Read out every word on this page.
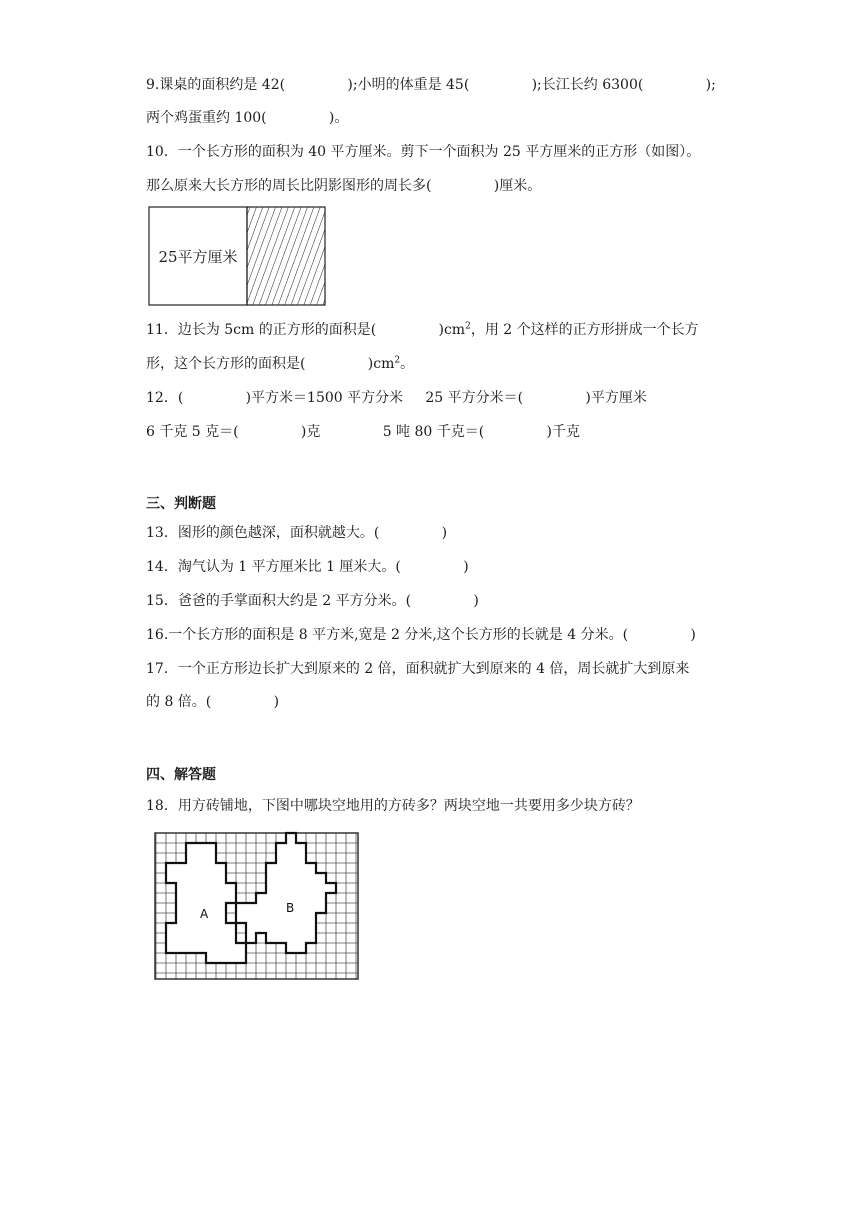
9.课桌的面积约是 42(              );小明的体重是 45(              );长江长约 6300(              );
两个鸡蛋重约 100(              )。
10．一个长方形的面积为 40 平方厘米。剪下一个面积为 25 平方厘米的正方形（如图）。
那么原来大长方形的周长比阴影图形的周长多(              )厘米。
25平方厘米
11．边长为 5cm 的正方形的面积是(              )$cm^2$，用 2 个这样的正方形拼成一个长方
形，这个长方形的面积是(              )$cm^2$。
12．(              )平方米＝1500 平方分米     25 平方分米＝(              )平方厘米
6 千克 5 克＝(              )克              5 吨 80 千克＝(              )千克
三、判断题
13．图形的颜色越深，面积就越大。(              )
14．淘气认为 1 平方厘米比 1 厘米大。(              )
15．爸爸的手掌面积大约是 2 平方分米。(              )
16.一个长方形的面积是 8 平方米,宽是 2 分米,这个长方形的长就是 4 分米。(              )
17．一个正方形边长扩大到原来的 2 倍，面积就扩大到原来的 4 倍，周长就扩大到原来
的 8 倍。(              )
四、解答题
18．用方砖铺地，下图中哪块空地用的方砖多？两块空地一共要用多少块方砖？
A	B
